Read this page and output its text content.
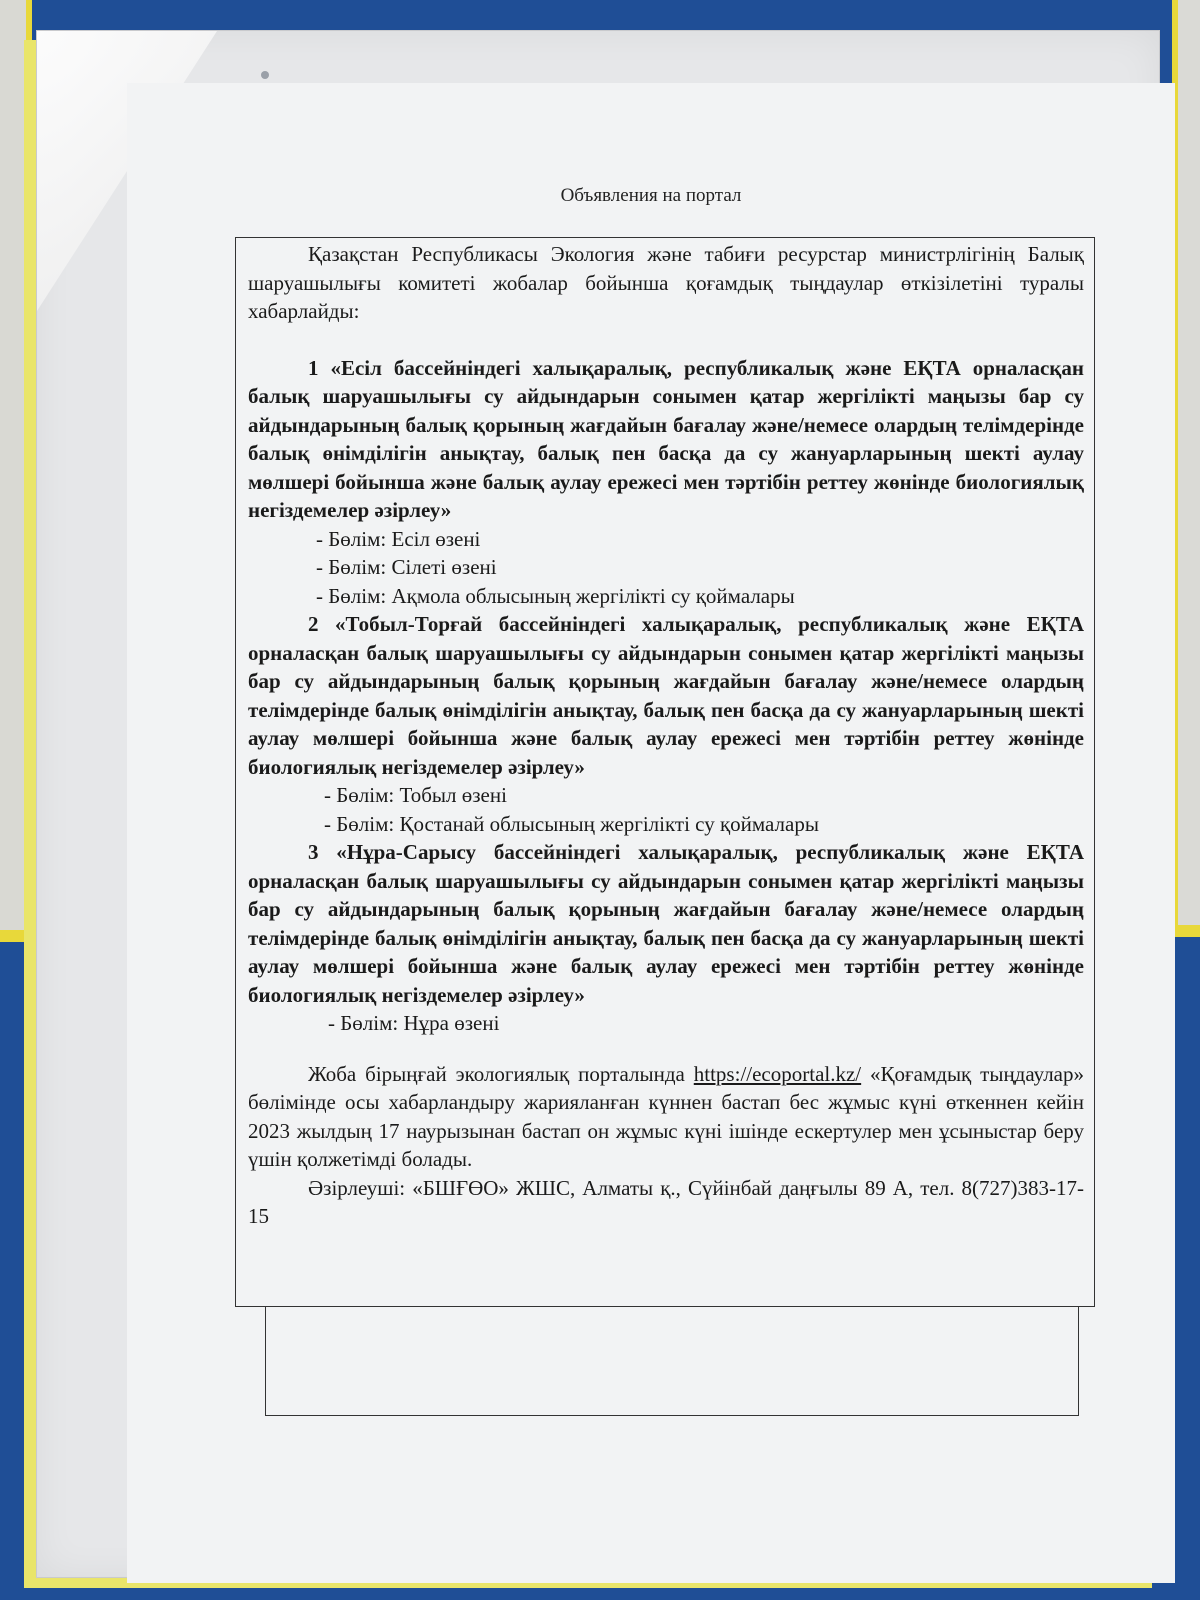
Объявления на портал

Қазақстан Республикасы Экология және табиғи ресурстар министрлігінің Балық шаруашылығы комитеті жобалар бойынша қоғамдық тыңдаулар өткізілетіні туралы хабарлайды:

1 «Есіл бассейніндегі халықаралық, республикалық және ЕҚТА орналасқан балық шаруашылығы су айдындарын сонымен қатар жергілікті маңызы бар су айдындарының балық қорының жағдайын бағалау және/немесе олардың телімдерінде балық өнімділігін анықтау, балық пен басқа да су жануарларының шекті аулау мөлшері бойынша және балық аулау ережесі мен тәртібін реттеу жөнінде биологиялық негіздемелер әзірлеу»

- Бөлім: Есіл өзені

- Бөлім: Сілеті өзені

- Бөлім: Ақмола облысының жергілікті су қоймалары

2 «Тобыл-Торғай бассейніндегі халықаралық, республикалық және ЕҚТА орналасқан балық шаруашылығы су айдындарын сонымен қатар жергілікті маңызы бар су айдындарының балық қорының жағдайын бағалау және/немесе олардың телімдерінде балық өнімділігін анықтау, балық пен басқа да су жануарларының шекті аулау мөлшері бойынша және балық аулау ережесі мен тәртібін реттеу жөнінде биологиялық негіздемелер әзірлеу»

- Бөлім: Тобыл өзені

- Бөлім: Қостанай облысының жергілікті су қоймалары

3 «Нұра-Сарысу бассейніндегі халықаралық, республикалық және ЕҚТА орналасқан балық шаруашылығы су айдындарын сонымен қатар жергілікті маңызы бар су айдындарының балық қорының жағдайын бағалау және/немесе олардың телімдерінде балық өнімділігін анықтау, балық пен басқа да су жануарларының шекті аулау мөлшері бойынша және балық аулау ережесі мен тәртібін реттеу жөнінде биологиялық негіздемелер әзірлеу»

- Бөлім: Нұра өзені

Жоба бірыңғай экологиялық порталында https://ecoportal.kz/ «Қоғамдық тыңдаулар» бөлімінде осы хабарландыру жарияланған күннен бастап бес жұмыс күні өткеннен кейін 2023 жылдың 17 наурызынан бастап он жұмыс күні ішінде ескертулер мен ұсыныстар беру үшін қолжетімді болады.

Әзірлеуші: «БШҒӨО» ЖШС, Алматы қ., Сүйінбай даңғылы 89 А, тел. 8(727)383-17-15
